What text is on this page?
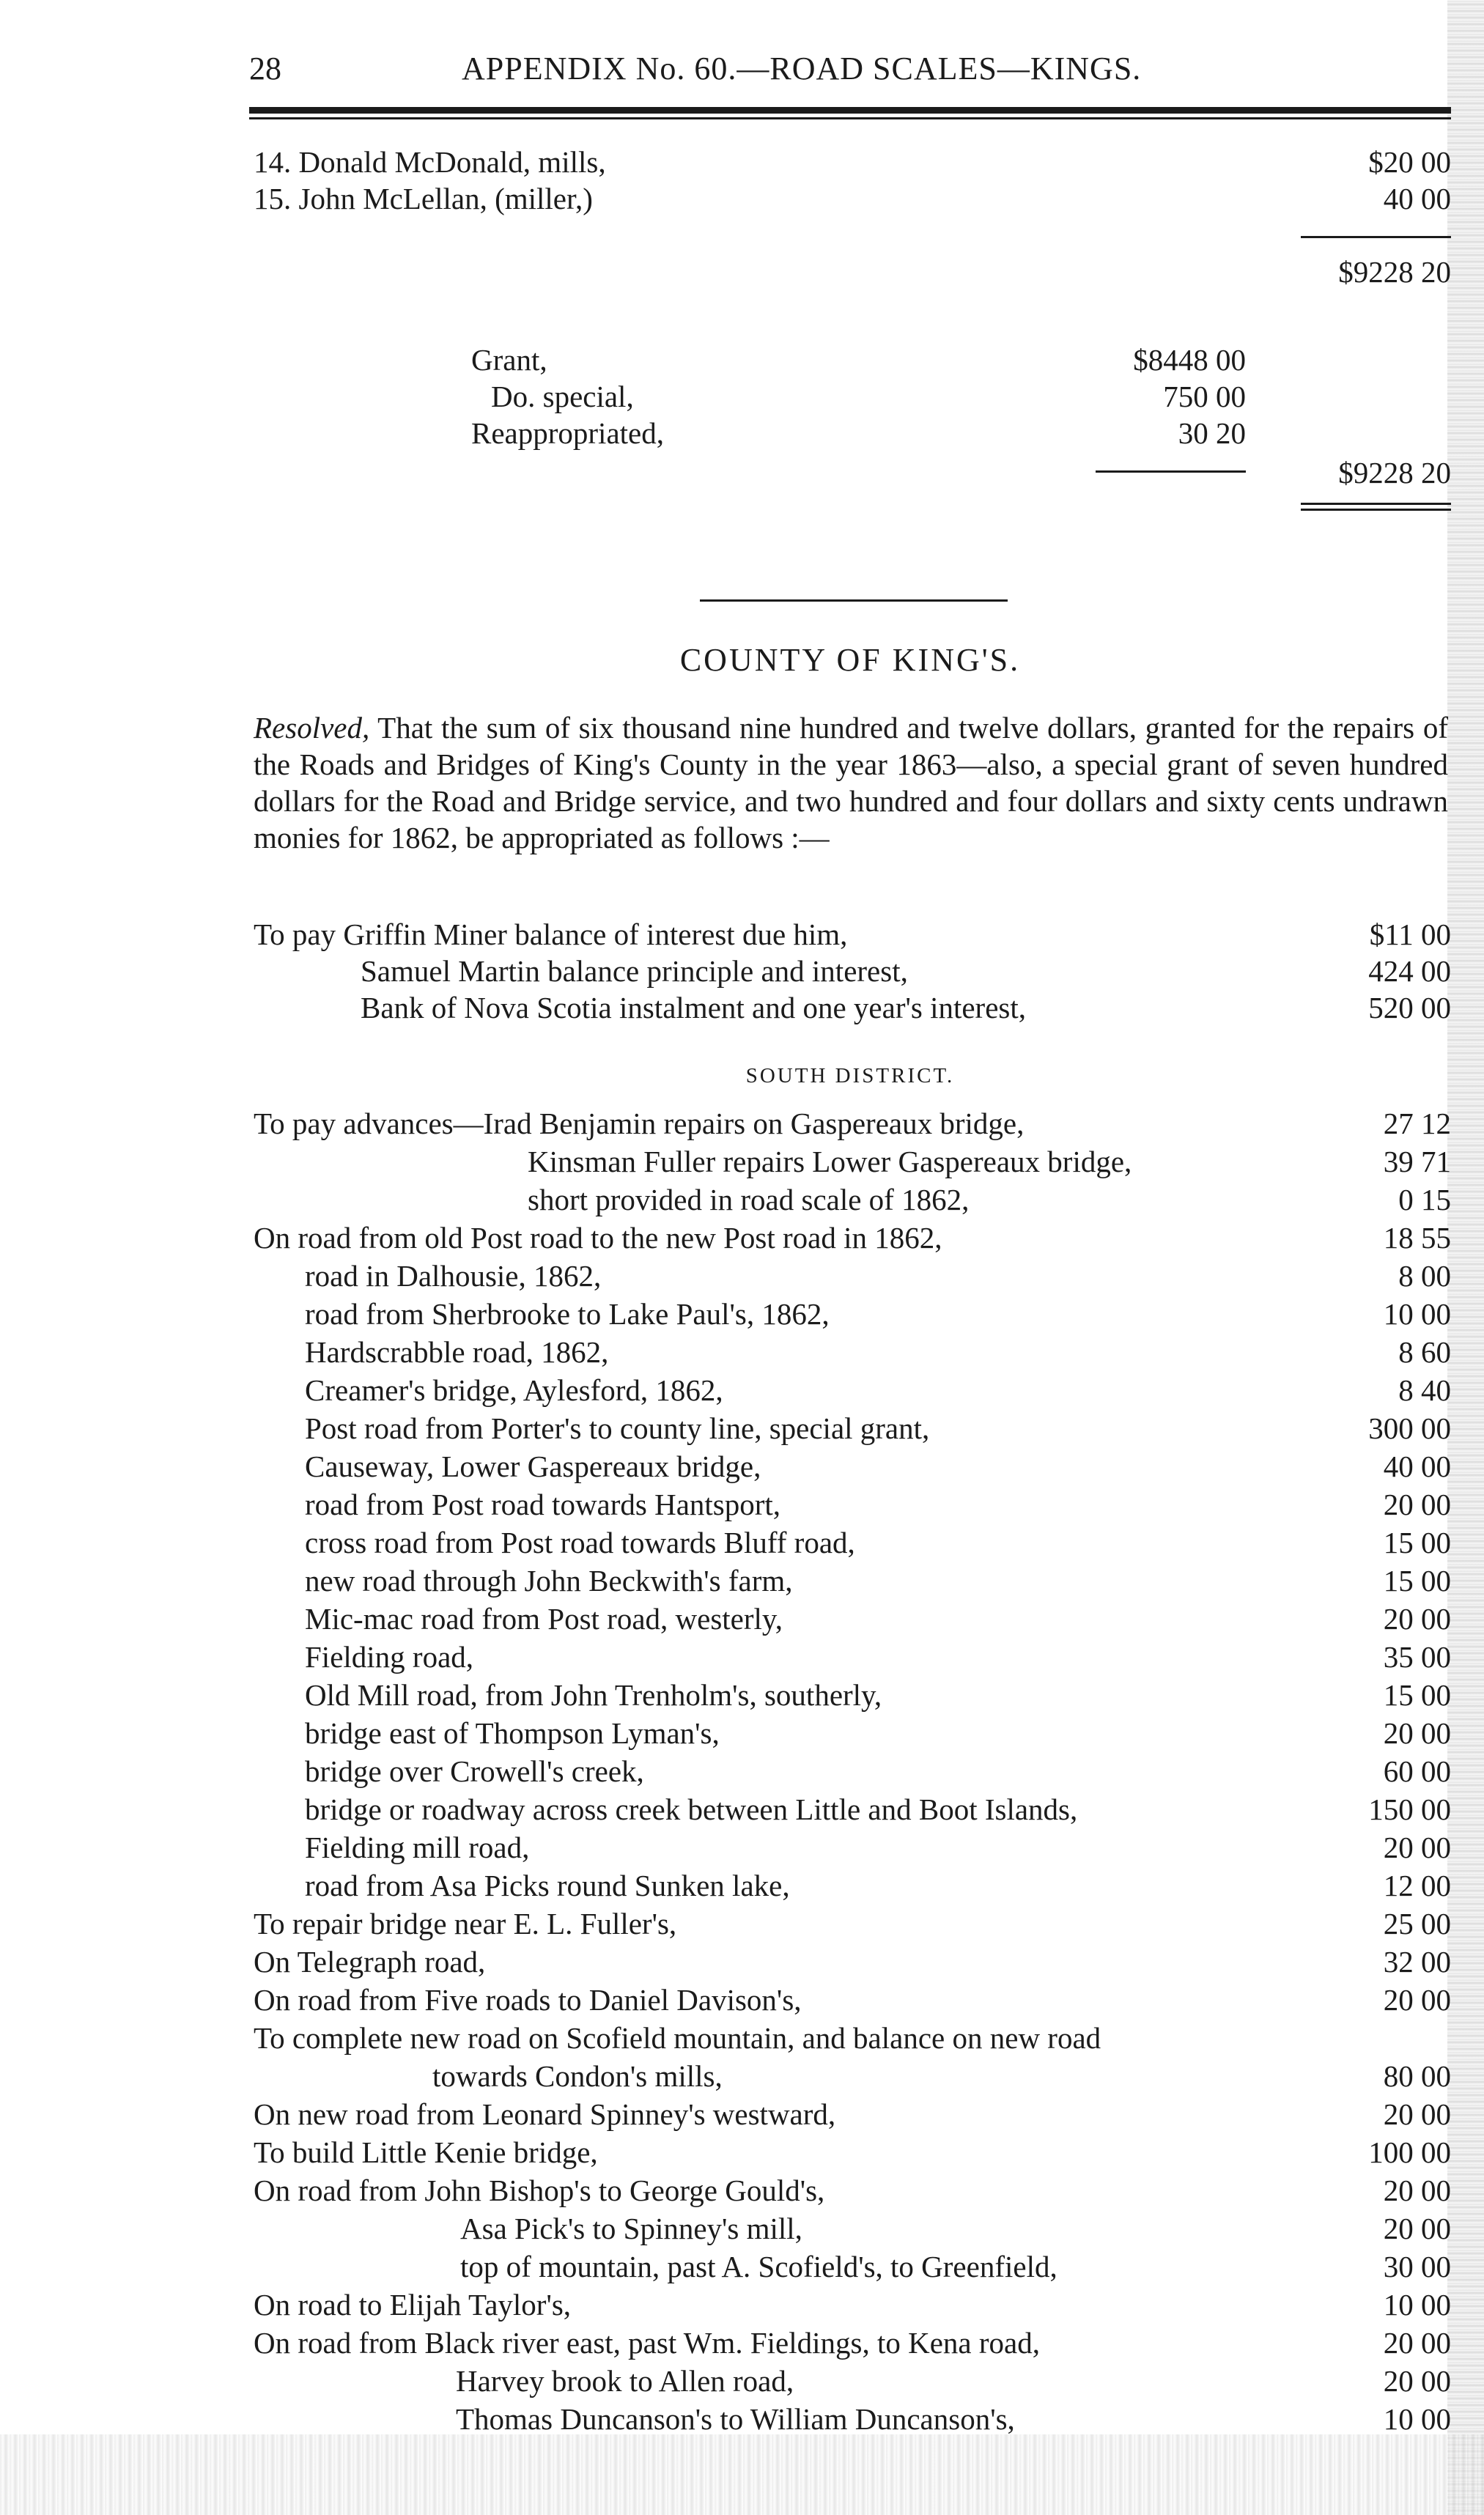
28	APPENDIX No. 60.—ROAD SCALES—KINGS.
14. Donald McDonald, mills,	$20 00
15. John McLellan, (miller,)	40 00
$9228 20
Grant,	$8448 00
Do. special,	750 00
Reappropriated,	30 20
$9228 20
COUNTY OF KING'S.
Resolved, That the sum of six thousand nine hundred and twelve dollars, granted for the repairs of the Roads and Bridges of King's County in the year 1863—also, a special grant of seven hundred dollars for the Road and Bridge service, and two hundred and four dollars and sixty cents undrawn monies for 1862, be appropriated as follows :—
To pay Griffin Miner balance of interest due him,	$11 00
Samuel Martin balance principle and interest,	424 00
Bank of Nova Scotia instalment and one year's interest,	520 00
SOUTH DISTRICT.
To pay advances—Irad Benjamin repairs on Gaspereaux bridge,	27 12
Kinsman Fuller repairs Lower Gaspereaux bridge,	39 71
short provided in road scale of 1862,	0 15
On road from old Post road to the new Post road in 1862,	18 55
road in Dalhousie, 1862,	8 00
road from Sherbrooke to Lake Paul's, 1862,	10 00
Hardscrabble road, 1862,	8 60
Creamer's bridge, Aylesford, 1862,	8 40
Post road from Porter's to county line, special grant,	300 00
Causeway, Lower Gaspereaux bridge,	40 00
road from Post road towards Hantsport,	20 00
cross road from Post road towards Bluff road,	15 00
new road through John Beckwith's farm,	15 00
Mic-mac road from Post road, westerly,	20 00
Fielding road,	35 00
Old Mill road, from John Trenholm's, southerly,	15 00
bridge east of Thompson Lyman's,	20 00
bridge over Crowell's creek,	60 00
bridge or roadway across creek between Little and Boot Islands,	150 00
Fielding mill road,	20 00
road from Asa Picks round Sunken lake,	12 00
To repair bridge near E. L. Fuller's,	25 00
On Telegraph road,	32 00
On road from Five roads to Daniel Davison's,	20 00
To complete new road on Scofield mountain, and balance on new road
towards Condon's mills,	80 00
On new road from Leonard Spinney's westward,	20 00
To build Little Kenie bridge,	100 00
On road from John Bishop's to George Gould's,	20 00
Asa Pick's to Spinney's mill,	20 00
top of mountain, past A. Scofield's, to Greenfield,	30 00
On road to Elijah Taylor's,	10 00
On road from Black river east, past Wm. Fieldings, to Kena road,	20 00
Harvey brook to Allen road,	20 00
Thomas Duncanson's to William Duncanson's,	10 00
